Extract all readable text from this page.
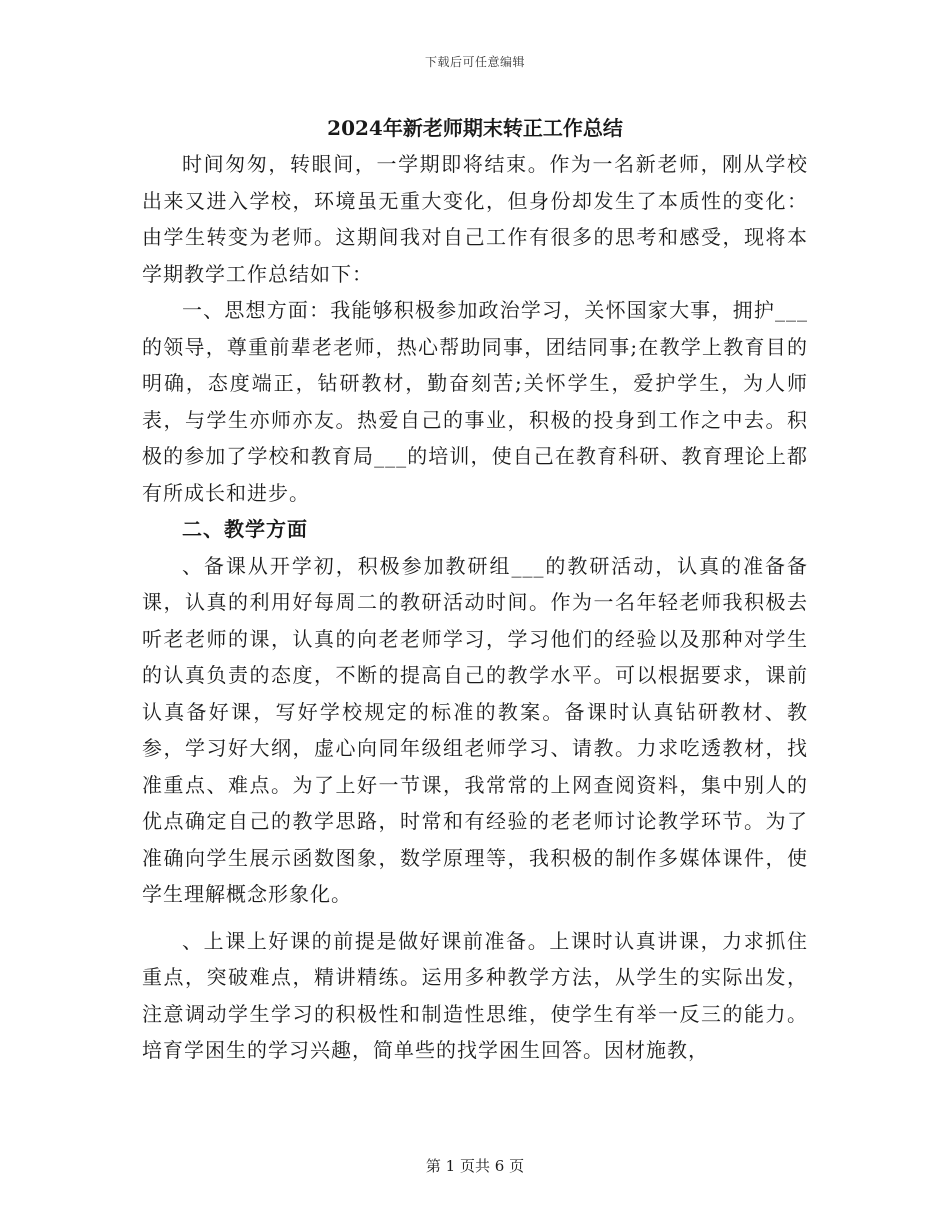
下载后可任意编辑
2024年新老师期末转正工作总结

时间匆匆，转眼间，一学期即将结束。作为一名新老师，刚从学校出来又进入学校，环境虽无重大变化，但身份却发生了本质性的变化：由学生转变为老师。这期间我对自己工作有很多的思考和感受，现将本学期教学工作总结如下：

一、思想方面：我能够积极参加政治学习，关怀国家大事，拥护___的领导，尊重前辈老老师，热心帮助同事，团结同事;在教学上教育目的明确，态度端正，钻研教材，勤奋刻苦;关怀学生，爱护学生，为人师表，与学生亦师亦友。热爱自己的事业，积极的投身到工作之中去。积极的参加了学校和教育局___的培训，使自己在教育科研、教育理论上都有所成长和进步。

二、教学方面

、备课从开学初，积极参加教研组___的教研活动，认真的准备备课，认真的利用好每周二的教研活动时间。作为一名年轻老师我积极去听老老师的课，认真的向老老师学习，学习他们的经验以及那种对学生的认真负责的态度，不断的提高自己的教学水平。可以根据要求，课前认真备好课，写好学校规定的标准的教案。备课时认真钻研教材、教参，学习好大纲，虚心向同年级组老师学习、请教。力求吃透教材，找准重点、难点。为了上好一节课，我常常的上网查阅资料，集中别人的优点确定自己的教学思路，时常和有经验的老老师讨论教学环节。为了准确向学生展示函数图象，数学原理等，我积极的制作多媒体课件，使学生理解概念形象化。

、上课上好课的前提是做好课前准备。上课时认真讲课，力求抓住重点，突破难点，精讲精练。运用多种教学方法，从学生的实际出发，注意调动学生学习的积极性和制造性思维，使学生有举一反三的能力。培育学困生的学习兴趣，简单些的找学困生回答。因材施教，

第 1 页共 6 页
